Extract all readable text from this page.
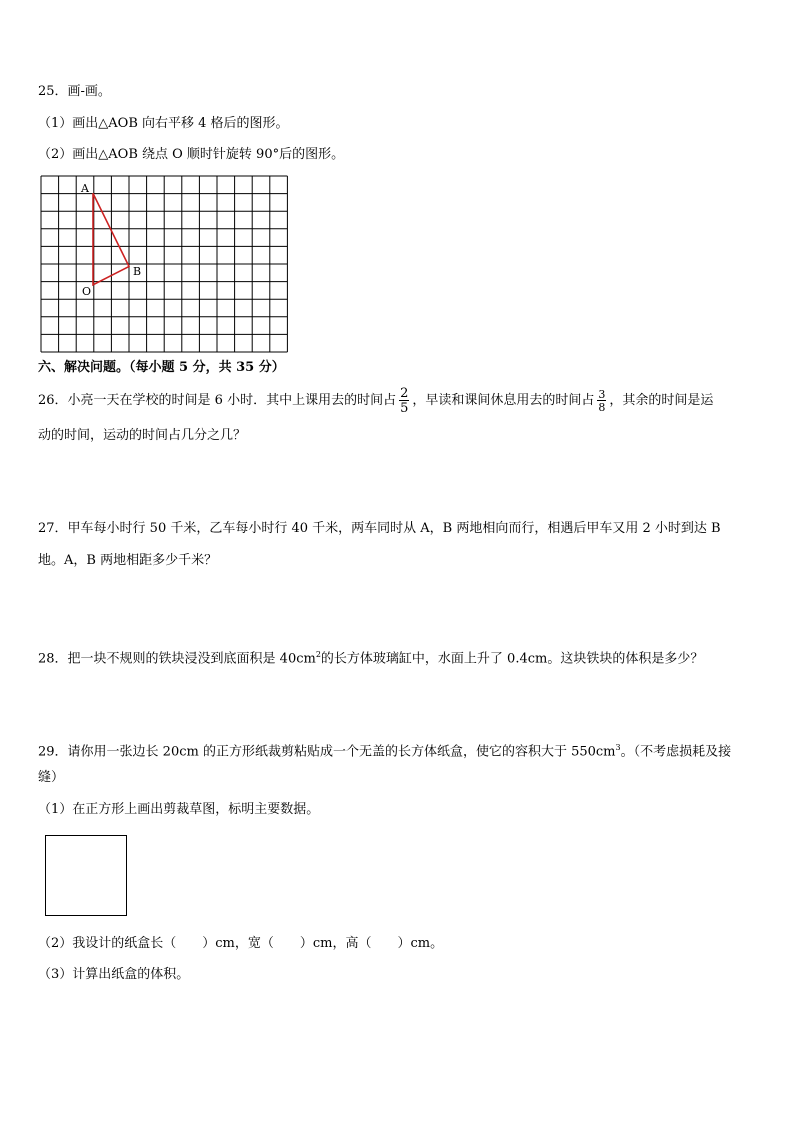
25．画-画。
（1）画出△AOB 向右平移 4 格后的图形。
（2）画出△AOB 绕点 O 顺时针旋转 90°后的图形。
A
B
O
六、解决问题。（每小题 5 分，共 35 分）
26．小亮一天在学校的时间是 6 小时．其中上课用去的时间占 $\frac{2}{5}$ ，早读和课间休息用去的时间占 $\frac{3}{8}$ ，其余的时间是运
动的时间，运动的时间占几分之几？
27．甲车每小时行 50 千米，乙车每小时行 40 千米，两车同时从 A，B 两地相向而行，相遇后甲车又用 2 小时到达 B
地。A，B 两地相距多少千米？
28．把一块不规则的铁块浸没到底面积是 $40cm^2$的长方体玻璃缸中，水面上升了 0.4cm。这块铁块的体积是多少？
29．请你用一张边长 20cm 的正方形纸裁剪粘贴成一个无盖的长方体纸盒，使它的容积大于 $550cm^3$。（不考虑损耗及接
缝）
（1）在正方形上画出剪裁草图，标明主要数据。
（2）我设计的纸盒长（　　）cm，宽（　　）cm，高（　　）cm。
（3）计算出纸盒的体积。
